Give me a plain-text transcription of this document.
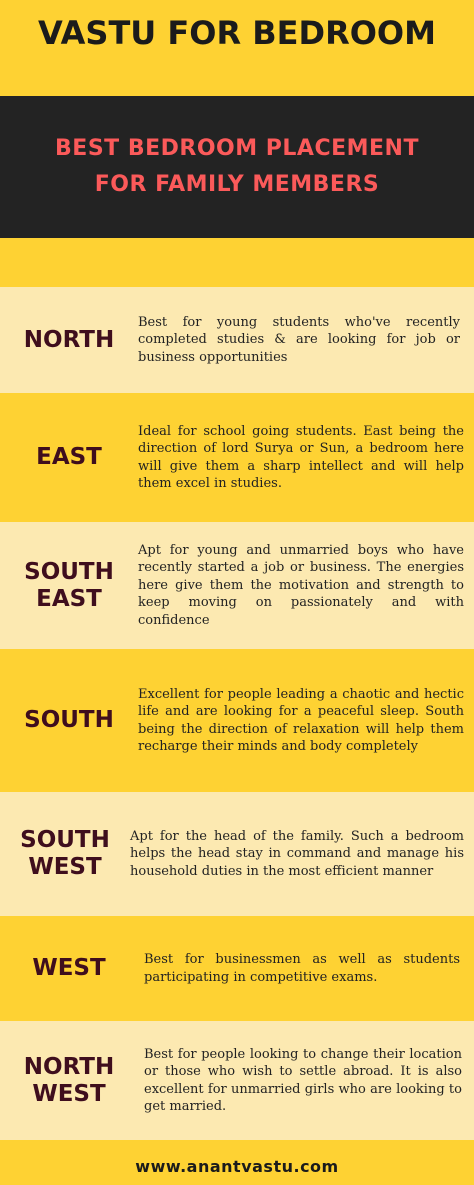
VASTU FOR BEDROOM
BEST BEDROOM PLACEMENT
FOR FAMILY MEMBERS
NORTH
Best for young students who've recently completed studies & are looking for job or business opportunities
EAST
Ideal for school going students. East being the direction of lord Surya or Sun, a bedroom here will give them a sharp intellect and will help them excel in studies.
SOUTH
EAST
Apt for young and unmarried boys who have recently started a job or business. The energies here give them the motivation and strength to keep moving on passionately and with confidence
SOUTH
Excellent for people leading a chaotic and hectic life and are looking for a peaceful sleep. South being the direction of relaxation will help them recharge their minds and body completely
SOUTH
WEST
Apt for the head of the family. Such a bedroom helps the head stay in command and manage his household duties in the most efficient manner
WEST	Best for businessmen as well as students participating in competitive exams.
NORTH
WEST
Best for people looking to change their location or those who wish to settle abroad. It is also excellent for unmarried girls who are looking to get married.
www.anantvastu.com
